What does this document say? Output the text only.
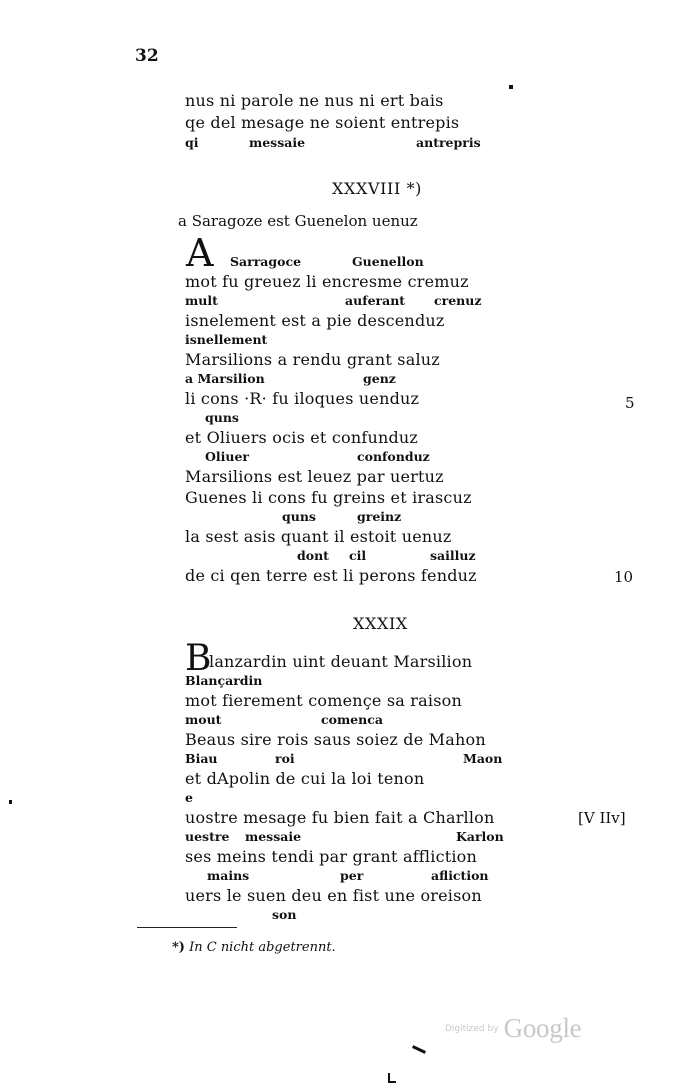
32
nus ni parole ne nus ni ert bais
qe del mesage ne soient entrepis
qi	messaie	antrepris
XXXVIII *)
a Saragoze est Guenelon uenuz
A Sarragoce	Guenellon
mot fu greuez li encresme cremuz
mult	auferant crenuz
isnelement est a pie descenduz
isnellement
Marsilions a rendu grant saluz
a Marsilion	genz
li cons ·R· fu iloques uenduz	5
quns
et Oliuers ocis et confunduz
Oliuer	confonduz
Marsilions est leuez par uertuz
Guenes li cons fu greins et irascuz
quns	greinz
la sest asis quant il estoit uenuz
dont cil	sailluz
de ci qen terre est li perons fenduz	10
XXXIX
B
lanzardin uint deuant Marsilion
Blançardin
mot fierement començe sa raison
mout	comenca
Beaus sire rois saus soiez de Mahon
Biau	roi	Maon
et dApolin de cui la loi tenon
e
uostre mesage fu bien fait a Charllon	[V IIv]
uestre messaie	Karlon
ses meins tendi par grant affliction
mains	per	afliction
uers le suen deu en fist une oreison
son
*) In C nicht abgetrennt.
$^{Digitized by}$ Google
